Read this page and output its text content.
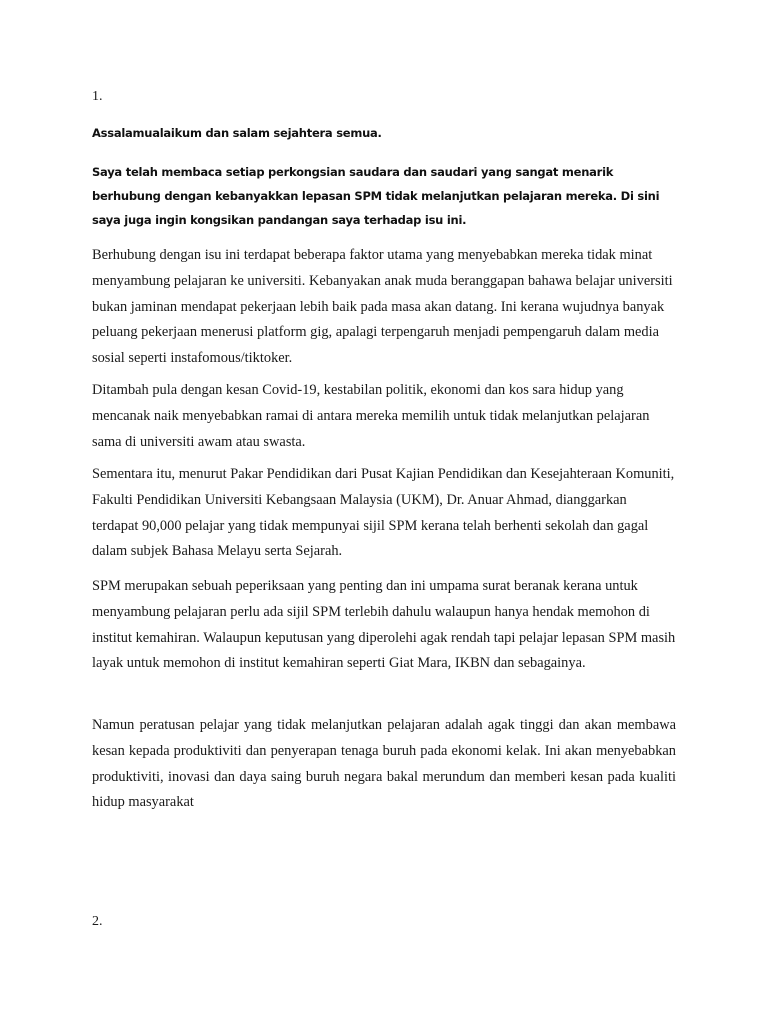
1.
Assalamualaikum dan salam sejahtera semua.
Saya telah membaca setiap perkongsian saudara dan saudari yang sangat menarik berhubung dengan kebanyakkan lepasan SPM tidak melanjutkan pelajaran mereka. Di sini saya juga ingin kongsikan pandangan saya terhadap isu ini.

Berhubung dengan isu ini terdapat beberapa faktor utama yang menyebabkan mereka tidak minat menyambung pelajaran ke universiti. Kebanyakan anak muda beranggapan bahawa belajar universiti bukan jaminan mendapat pekerjaan lebih baik pada masa akan datang. Ini kerana wujudnya banyak peluang pekerjaan menerusi platform gig, apalagi terpengaruh menjadi pempengaruh dalam media sosial seperti instafomous/tiktoker.

Ditambah pula dengan kesan Covid-19, kestabilan politik, ekonomi dan kos sara hidup yang mencanak naik menyebabkan ramai di antara mereka memilih untuk tidak melanjutkan pelajaran sama di universiti awam atau swasta.

Sementara itu, menurut Pakar Pendidikan dari Pusat Kajian Pendidikan dan Kesejahteraan Komuniti, Fakulti Pendidikan Universiti Kebangsaan Malaysia (UKM), Dr. Anuar Ahmad, dianggarkan terdapat 90,000 pelajar yang tidak mempunyai sijil SPM kerana telah berhenti sekolah dan gagal dalam subjek Bahasa Melayu serta Sejarah.

SPM merupakan sebuah peperiksaan yang penting dan ini umpama surat beranak kerana untuk menyambung pelajaran perlu ada sijil SPM terlebih dahulu walaupun hanya hendak memohon di institut kemahiran. Walaupun keputusan yang diperolehi agak rendah tapi pelajar lepasan SPM masih layak untuk memohon di institut kemahiran seperti Giat Mara, IKBN dan sebagainya.

Namun peratusan pelajar yang tidak melanjutkan pelajaran adalah agak tinggi dan akan membawa kesan kepada produktiviti dan penyerapan tenaga buruh pada ekonomi kelak. Ini akan menyebabkan produktiviti, inovasi dan daya saing buruh negara bakal merundum dan memberi kesan pada kualiti hidup masyarakat

2.
